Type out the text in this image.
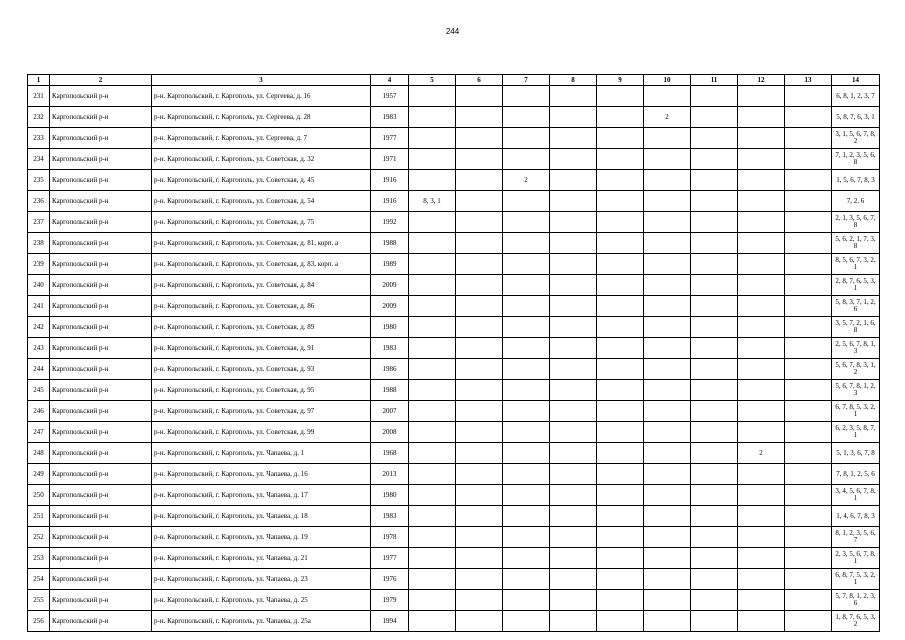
244
1	2	3	4	5	6	7	8	9	10	11	12	13	14
231	Каргопольский р-н	р-н. Каргопольский, г. Каргополь, ул. Сергеева, д. 16	1957										6, 8, 1, 2, 3, 7
232	Каргопольский р-н	р-н. Каргопольский, г. Каргополь, ул. Сергеева, д. 28	1983						2				5, 8, 7, 6, 3, 1
233	Каргопольский р-н	р-н. Каргопольский, г. Каргополь, ул. Сергеева, д. 7	1977										3, 1, 5, 6, 7, 8, 2
234	Каргопольский р-н	р-н. Каргопольский, г. Каргополь, ул. Советская, д. 32	1971										7, 1, 2, 3, 5, 6, 8
235	Каргопольский р-н	р-н. Каргопольский, г. Каргополь, ул. Советская, д. 45	1916			2							1, 5, 6, 7, 8, 3
236	Каргопольский р-н	р-н. Каргопольский, г. Каргополь, ул. Советская, д. 54	1916	8, 3, 1									7, 2, 6
237	Каргопольский р-н	р-н. Каргопольский, г. Каргополь, ул. Советская, д. 75	1992										2, 1, 3, 5, 6, 7, 8
238	Каргопольский р-н	р-н. Каргопольский, г. Каргополь, ул. Советская, д. 81, корп. а	1988										5, 6, 2, 1, 7, 3, 8
239	Каргопольский р-н	р-н. Каргопольский, г. Каргополь, ул. Советская, д. 83, корп. а	1989										8, 5, 6, 7, 3, 2, 1
240	Каргопольский р-н	р-н. Каргопольский, г. Каргополь, ул. Советская, д. 84	2009										2, 8, 7, 6, 5, 3, 1
241	Каргопольский р-н	р-н. Каргопольский, г. Каргополь, ул. Советская, д. 86	2009										5, 8, 3, 7, 1, 2, 6
242	Каргопольский р-н	р-н. Каргопольский, г. Каргополь, ул. Советская, д. 89	1980										3, 5, 7, 2, 1, 6, 8
243	Каргопольский р-н	р-н. Каргопольский, г. Каргополь, ул. Советская, д. 91	1983										2, 5, 6, 7, 8, 1, 3
244	Каргопольский р-н	р-н. Каргопольский, г. Каргополь, ул. Советская, д. 93	1986										5, 6, 7, 8, 3, 1, 2
245	Каргопольский р-н	р-н. Каргопольский, г. Каргополь, ул. Советская, д. 95	1988										5, 6, 7, 8, 1, 2, 3
246	Каргопольский р-н	р-н. Каргопольский, г. Каргополь, ул. Советская, д. 97	2007										6, 7, 8, 5, 3, 2, 1
247	Каргопольский р-н	р-н. Каргопольский, г. Каргополь, ул. Советская, д. 99	2008										6, 2, 3, 5, 8, 7, 1
248	Каргопольский р-н	р-н. Каргопольский, г. Каргополь, ул. Чапаева, д. 1	1968								2		5, 1, 3, 6, 7, 8
249	Каргопольский р-н	р-н. Каргопольский, г. Каргополь, ул. Чапаева, д. 16	2013										7, 8, 1, 2, 5, 6
250	Каргопольский р-н	р-н. Каргопольский, г. Каргополь, ул. Чапаева, д. 17	1980										3, 4, 5, 6, 7, 8, 1
251	Каргопольский р-н	р-н. Каргопольский, г. Каргополь, ул. Чапаева, д. 18	1983										1, 4, 6, 7, 8, 3
252	Каргопольский р-н	р-н. Каргопольский, г. Каргополь, ул. Чапаева, д. 19	1978										8, 1, 2, 3, 5, 6, 7
253	Каргопольский р-н	р-н. Каргопольский, г. Каргополь, ул. Чапаева, д. 21	1977										2, 3, 5, 6, 7, 8, 1
254	Каргопольский р-н	р-н. Каргопольский, г. Каргополь, ул. Чапаева, д. 23	1976										6, 8, 7, 5, 3, 2, 1
255	Каргопольский р-н	р-н. Каргопольский, г. Каргополь, ул. Чапаева, д. 25	1979										5, 7, 8, 1, 2, 3, 6
256	Каргопольский р-н	р-н. Каргопольский, г. Каргополь, ул. Чапаева, д. 25а	1994										1, 8, 7, 6, 5, 3, 2
